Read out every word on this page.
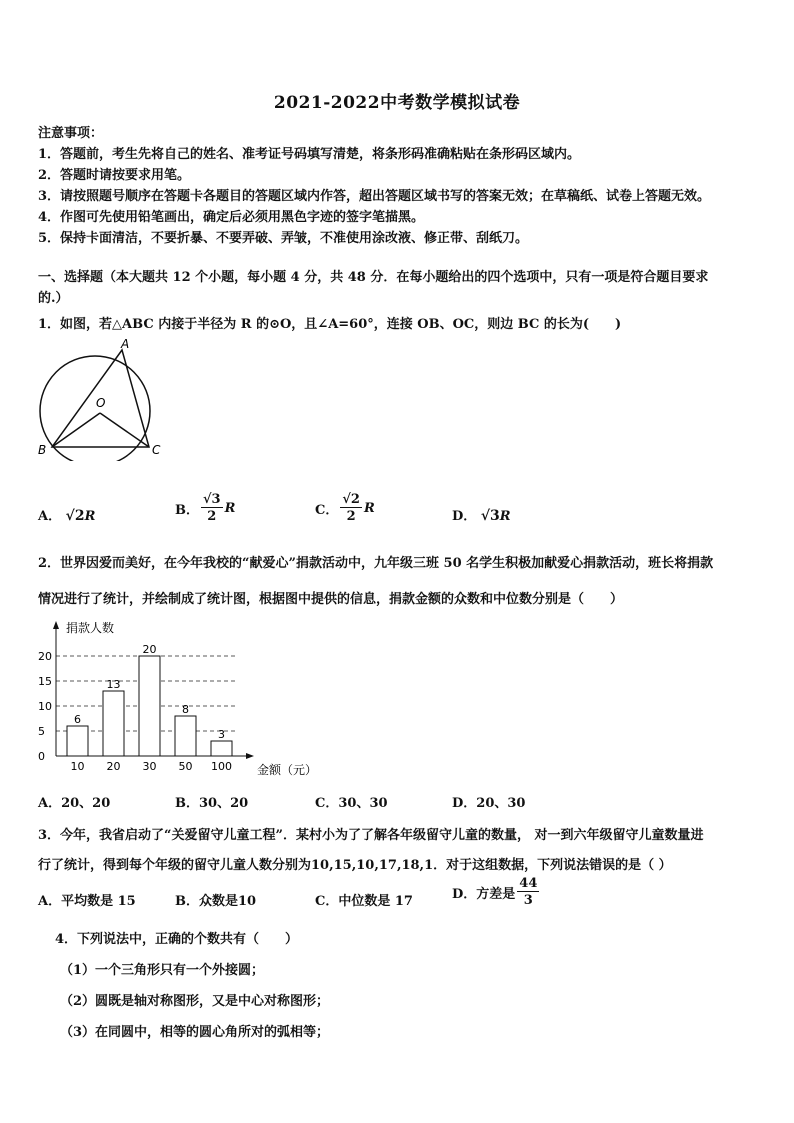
2021-2022中考数学模拟试卷
注意事项：
1．答题前，考生先将自己的姓名、准考证号码填写清楚，将条形码准确粘贴在条形码区域内。
2．答题时请按要求用笔。
3．请按照题号顺序在答题卡各题目的答题区域内作答，超出答题区域书写的答案无效；在草稿纸、试卷上答题无效。
4．作图可先使用铅笔画出，确定后必须用黑色字迹的签字笔描黑。
5．保持卡面清洁，不要折暴、不要弄破、弄皱，不准使用涂改液、修正带、刮纸刀。
一、选择题（本大题共 12 个小题，每小题 4 分，共 48 分．在每小题给出的四个选项中，只有一项是符合题目要求
的.）
1．如图，若△ABC 内接于半径为 R 的⊙O，且∠A=60°，连接 OB、OC，则边 BC 的长为(　　)
A
O
B	C
A． √2R	B． $\frac{√3}{2}$ R	C． $\frac{√2}{2}$ R
D． √3R
2．世界因爱而美好，在今年我校的“献爱心”捐款活动中，九年级三班 50 名学生积极加献爱心捐款活动，班长将捐款
情况进行了统计，并绘制成了统计图，根据图中提供的信息，捐款金额的众数和中位数分别是（　　）
0
5
10
15
20
6
10
13
20
20
30
8
50
3
100
捐款人数
金额（元）
A．20、20	B．30、20	C．30、30	D．20、30
3．今年，我省启动了“关爱留守儿童工程”．某村小为了了解各年级留守儿童的数量， 对一到六年级留守儿童数量进
行了统计，得到每个年级的留守儿童人数分别为10,15,10,17,18,1．对于这组数据，下列说法错误的是（ ）
A．平均数是 15	B．众数是10	C．中位数是 17	D．方差是 $\frac{44}{3}$
4．下列说法中，正确的个数共有（　　）
（1）一个三角形只有一个外接圆；
（2）圆既是轴对称图形，又是中心对称图形；
（3）在同圆中，相等的圆心角所对的弧相等；
